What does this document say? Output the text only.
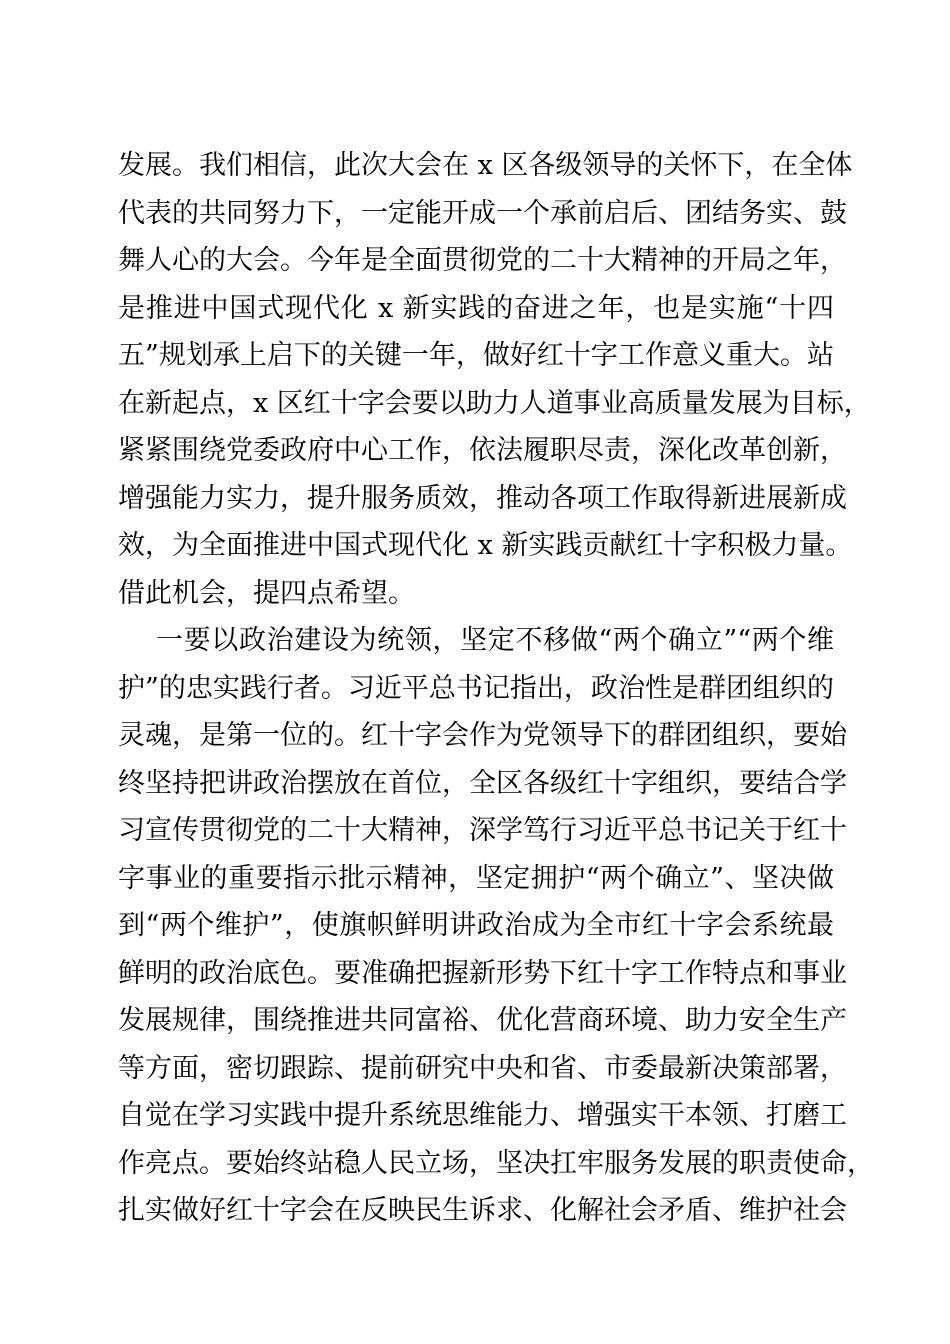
发展。我们相信，此次大会在 x 区各级领导的关怀下，在全体
代表的共同努力下，一定能开成一个承前启后、团结务实、鼓
舞人心的大会。今年是全面贯彻党的二十大精神的开局之年，
是推进中国式现代化 x 新实践的奋进之年，也是实施“十四
五”规划承上启下的关键一年，做好红十字工作意义重大。站
在新起点，x 区红十字会要以助力人道事业高质量发展为目标，
紧紧围绕党委政府中心工作，依法履职尽责，深化改革创新，
增强能力实力，提升服务质效，推动各项工作取得新进展新成
效，为全面推进中国式现代化 x 新实践贡献红十字积极力量。
借此机会，提四点希望。
一要以政治建设为统领，坚定不移做“两个确立”“两个维
护”的忠实践行者。习近平总书记指出，政治性是群团组织的
灵魂，是第一位的。红十字会作为党领导下的群团组织，要始
终坚持把讲政治摆放在首位，全区各级红十字组织，要结合学
习宣传贯彻党的二十大精神，深学笃行习近平总书记关于红十
字事业的重要指示批示精神，坚定拥护“两个确立”、坚决做
到“两个维护”，使旗帜鲜明讲政治成为全市红十字会系统最
鲜明的政治底色。要准确把握新形势下红十字工作特点和事业
发展规律，围绕推进共同富裕、优化营商环境、助力安全生产
等方面，密切跟踪、提前研究中央和省、市委最新决策部署，
自觉在学习实践中提升系统思维能力、增强实干本领、打磨工
作亮点。要始终站稳人民立场，坚决扛牢服务发展的职责使命，
扎实做好红十字会在反映民生诉求、化解社会矛盾、维护社会
